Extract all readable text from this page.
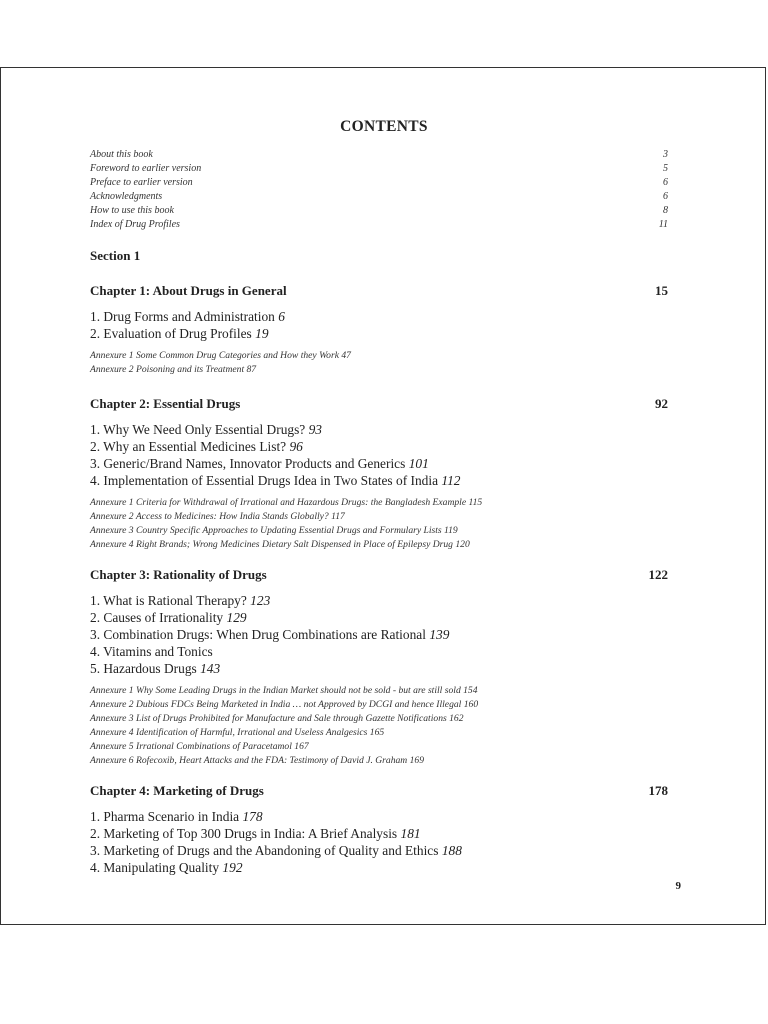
CONTENTS
About this book	3
Foreword to earlier version	5
Preface to earlier version	6
Acknowledgments	6
How to use this book	8
Index of Drug Profiles	11
Section 1
Chapter 1: About Drugs in General	15
1. Drug Forms and Administration 6
2. Evaluation of Drug Profiles 19
Annexure 1 Some Common Drug Categories and How they Work 47
Annexure 2 Poisoning and its Treatment 87
Chapter 2: Essential Drugs	92
1. Why We Need Only Essential Drugs? 93
2. Why an Essential Medicines List? 96
3. Generic/Brand Names, Innovator Products and Generics 101
4. Implementation of Essential Drugs Idea in Two States of India 112
Annexure 1 Criteria for Withdrawal of Irrational and Hazardous Drugs: the Bangladesh Example 115
Annexure 2 Access to Medicines: How India Stands Globally? 117
Annexure 3 Country Specific Approaches to Updating Essential Drugs and Formulary Lists 119
Annexure 4 Right Brands; Wrong Medicines Dietary Salt Dispensed in Place of Epilepsy Drug 120
Chapter 3: Rationality of Drugs	122
1. What is Rational Therapy? 123
2. Causes of Irrationality 129
3. Combination Drugs: When Drug Combinations are Rational 139
4. Vitamins and Tonics
5. Hazardous Drugs 143
Annexure 1 Why Some Leading Drugs in the Indian Market should not be sold - but are still sold 154
Annexure 2 Dubious FDCs Being Marketed in India … not Approved by DCGI and hence Illegal 160
Annexure 3 List of Drugs Prohibited for Manufacture and Sale through Gazette Notifications 162
Annexure 4 Identification of Harmful, Irrational and Useless Analgesics 165
Annexure 5 Irrational Combinations of Paracetamol 167
Annexure 6 Rofecoxib, Heart Attacks and the FDA: Testimony of David J. Graham 169
Chapter 4: Marketing of Drugs	178
1. Pharma Scenario in India 178
2. Marketing of Top 300 Drugs in India: A Brief Analysis 181
3. Marketing of Drugs and the Abandoning of Quality and Ethics 188
4. Manipulating Quality 192
9
